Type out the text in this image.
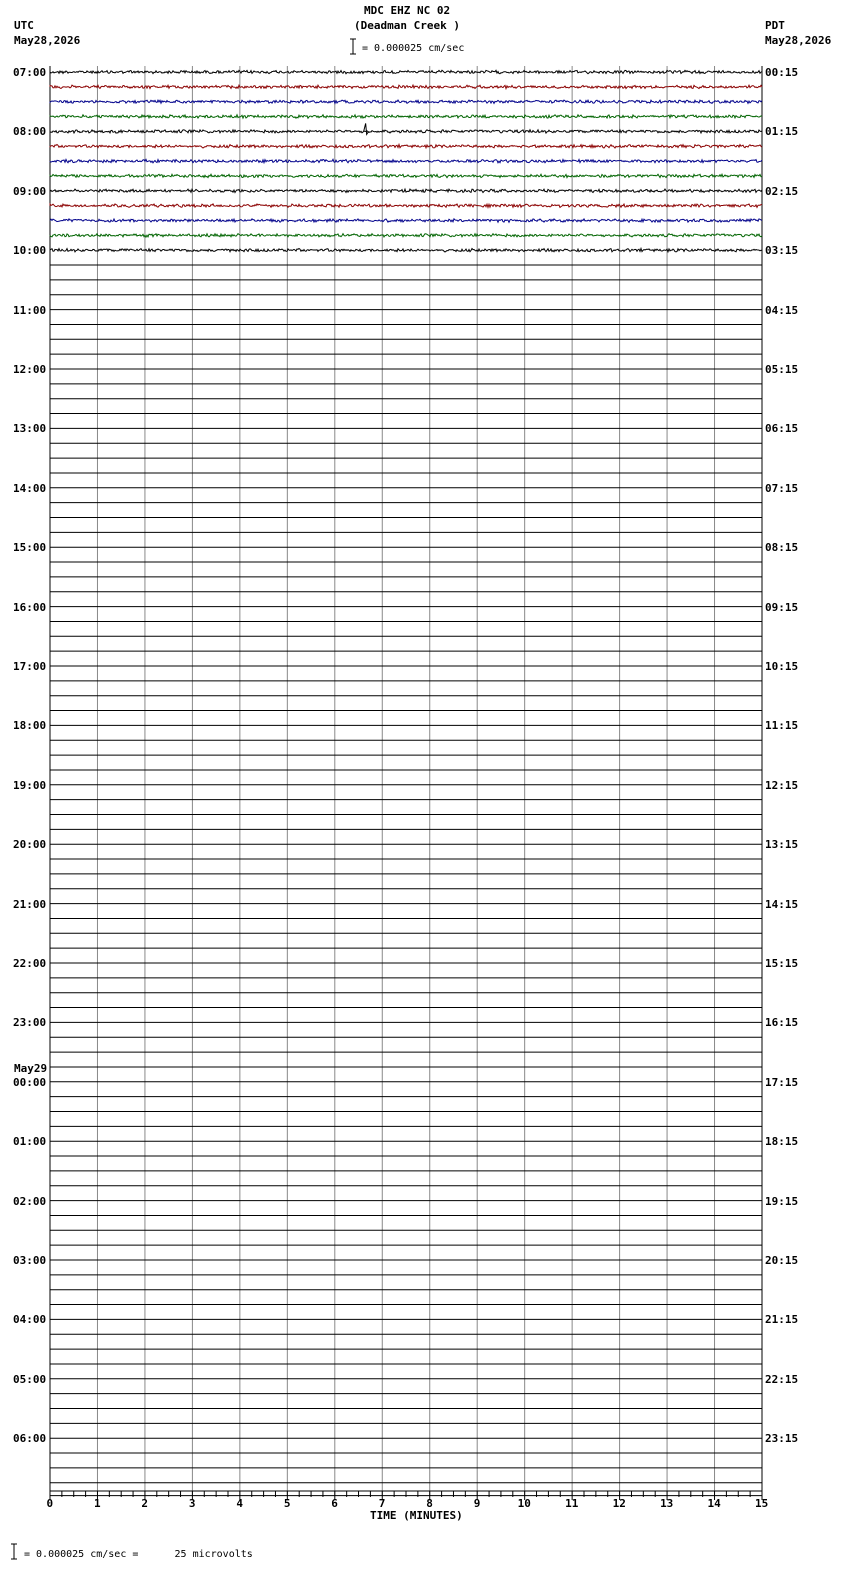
MDC EHZ NC 02
(Deadman Creek )
UTC
May28,2026
PDT
May28,2026
= 0.000025 cm/sec
07:00
08:00
09:00
10:00
11:00
12:00
13:00
14:00
15:00
16:00
17:00
18:00
19:00
20:00
21:00
22:00
23:00
00:00
01:00
02:00
03:00
04:00
05:00
06:00
00:15
01:15
02:15
03:15
04:15
05:15
06:15
07:15
08:15
09:15
10:15
11:15
12:15
13:15
14:15
15:15
16:15
17:15
18:15
19:15
20:15
21:15
22:15
23:15
May29
0	1	2	3	4	5	6	7	8	9	10	11	12	13	14	15
TIME (MINUTES)
= 0.000025 cm/sec =      25 microvolts
